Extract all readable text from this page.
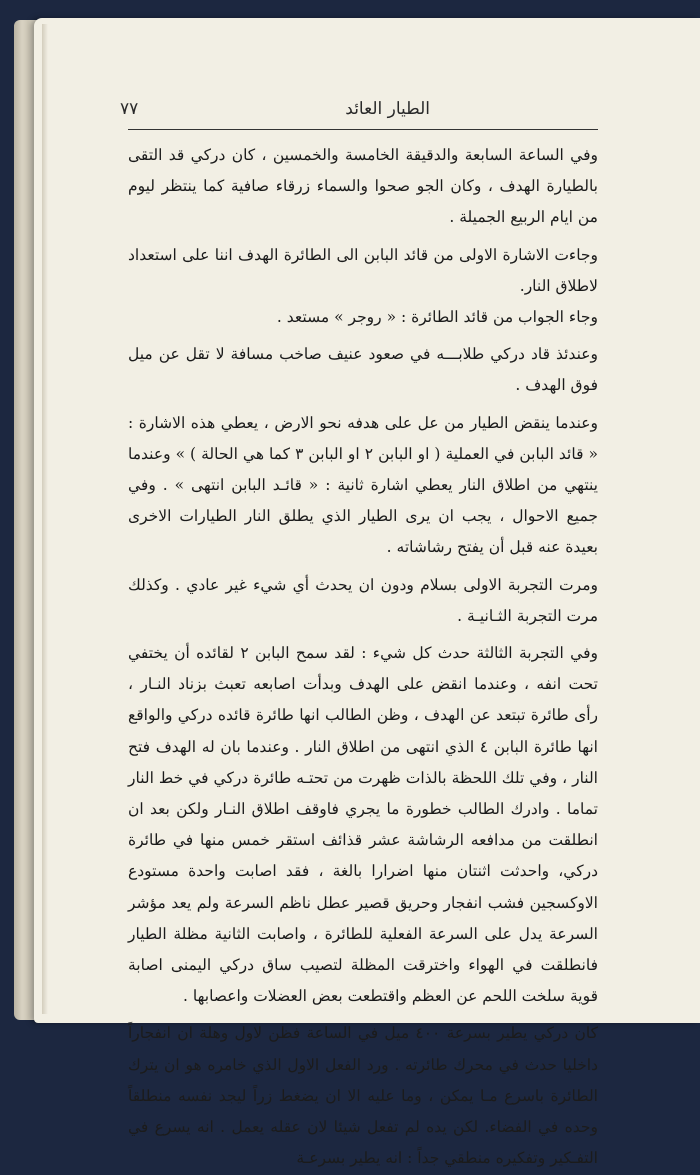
الطيار العائد
٧٧

وفي الساعة السابعة والدقيقة الخامسة والخمسين ، كان دركي قد التقى بالطيارة الهدف ، وكان الجو صحوا والسماء زرقاء صافية كما ينتظر ليوم من ايام الربيع الجميلة .

وجاءت الاشارة الاولى من قائد البابن الى الطائرة الهدف اننا على استعداد لاطلاق النار.

وجاء الجواب من قائد الطائرة : « روجر » مستعد .

وعندئذ قاد دركي طلابـــه في صعود عنيف صاخب مسافة لا تقل عن ميل فوق الهدف .

وعندما ينقض الطيار من عل على هدفه نحو الارض ، يعطي هذه الاشارة : « قائد البابن في العملية ( او البابن ٢ او البابن ٣ كما هي الحالة ) » وعندما ينتهي من اطلاق النار يعطي اشارة ثانية : « قائـد البابن انتهى » . وفي جميع الاحوال ، يجب ان يرى الطيار الذي يطلق النار الطيارات الاخرى بعيدة عنه قبل أن يفتح رشاشاته .

ومرت التجربة الاولى بسلام ودون ان يحدث أي شيء غير عادي . وكذلك مرت التجربة الثـانيـة .

وفي التجربة الثالثة حدث كل شيء : لقد سمح البابن ٢ لقائده أن يختفي تحت انفه ، وعندما انقض على الهدف وبدأت اصابعه تعبث بزناد النـار ، رأى طائرة تبتعد عن الهدف ، وظن الطالب انها طائرة قائده دركي والواقع انها طائرة البابن ٤ الذي انتهى من اطلاق النار . وعندما بان له الهدف فتح النار ، وفي تلك اللحظة بالذات ظهرت من تحتـه طائرة دركي في خط النار تماما . وادرك الطالب خطورة ما يجري فاوقف اطلاق النـار ولكن بعد ان انطلقت من مدافعه الرشاشة عشر قذائف استقر خمس منها في طائرة دركي، واحدثت اثنتان منها اضرارا بالغة ، فقد اصابت واحدة مستودع الاوكسجين فشب انفجار وحريق قصير عطل ناظم السرعة ولم يعد مؤشر السرعة يدل على السرعة الفعلية للطائرة ، واصابت الثانية مظلة الطيار فانطلقت في الهواء واخترقت المظلة لتصيب ساق دركي اليمنى اصابة قوية سلخت اللحم عن العظم واقتطعت بعض العضلات واعصابها .

كان دركي يطير بسرعة ٤٠٠ ميل في الساعة فظن لاول وهلة ان انفجاراً داخليا حدث في محرك طائرته . ورد الفعل الاول الذي خامره هو ان يترك الطائرة باسرع مـا يمكن ، وما عليه الا ان يضغط زراً ليجد نفسه منطلقاً وحده في الفضاء. لكن يده لم تفعل شيئا لان عقله يعمل . انه يسرع في التفـكير وتفكيره منطقي جداً : انه يطير بسرعـة
